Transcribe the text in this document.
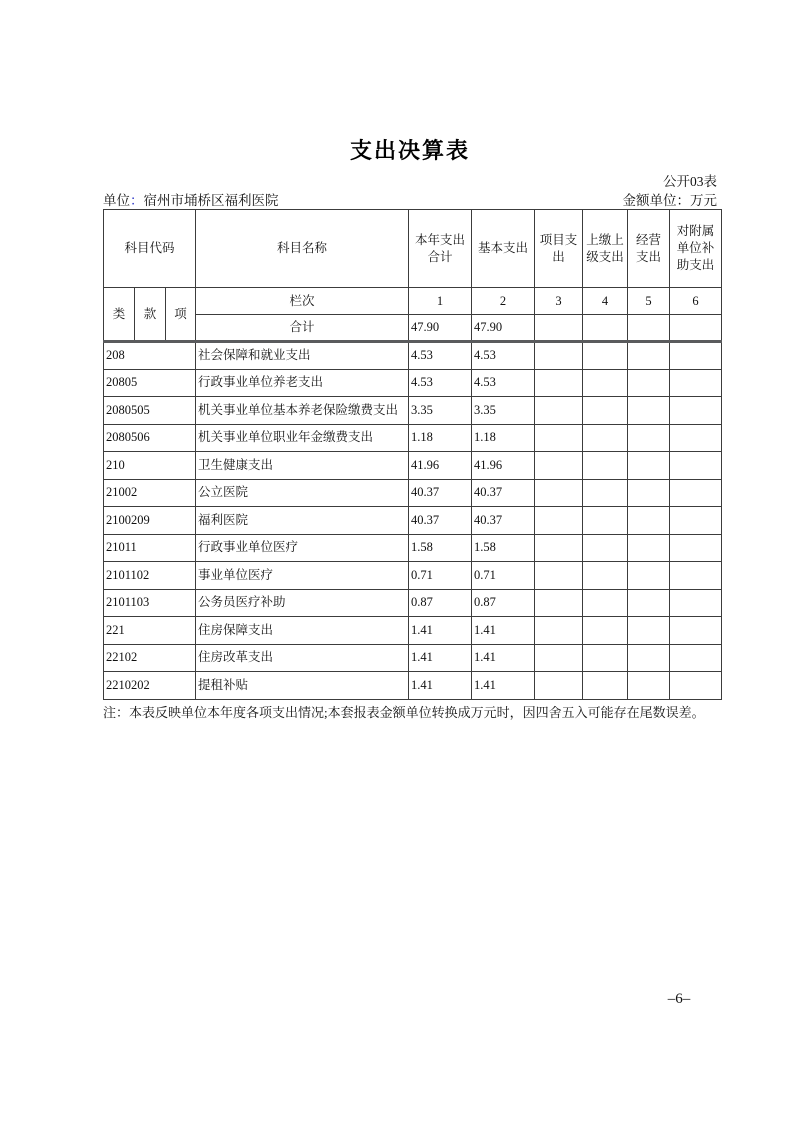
支出决算表
公开03表
单位：宿州市埇桥区福利医院	金额单位：万元
科目代码			科目名称	本年支出合计	基本支出	项目支出	上缴上级支出	经营支出	对附属单位补助支出
类	款	项	栏次	1	2	3	4	5	6
			合计	47.90	47.90				
208			社会保障和就业支出	4.53	4.53				
20805			行政事业单位养老支出	4.53	4.53				
2080505			机关事业单位基本养老保险缴费支出	3.35	3.35				
2080506			机关事业单位职业年金缴费支出	1.18	1.18				
210			卫生健康支出	41.96	41.96				
21002			公立医院	40.37	40.37				
2100209			福利医院	40.37	40.37				
21011			行政事业单位医疗	1.58	1.58				
2101102			事业单位医疗	0.71	0.71				
2101103			公务员医疗补助	0.87	0.87				
221			住房保障支出	1.41	1.41				
22102			住房改革支出	1.41	1.41				
2210202			提租补贴	1.41	1.41				
注：本表反映单位本年度各项支出情况;本套报表金额单位转换成万元时，因四舍五入可能存在尾数误差。
–6–
